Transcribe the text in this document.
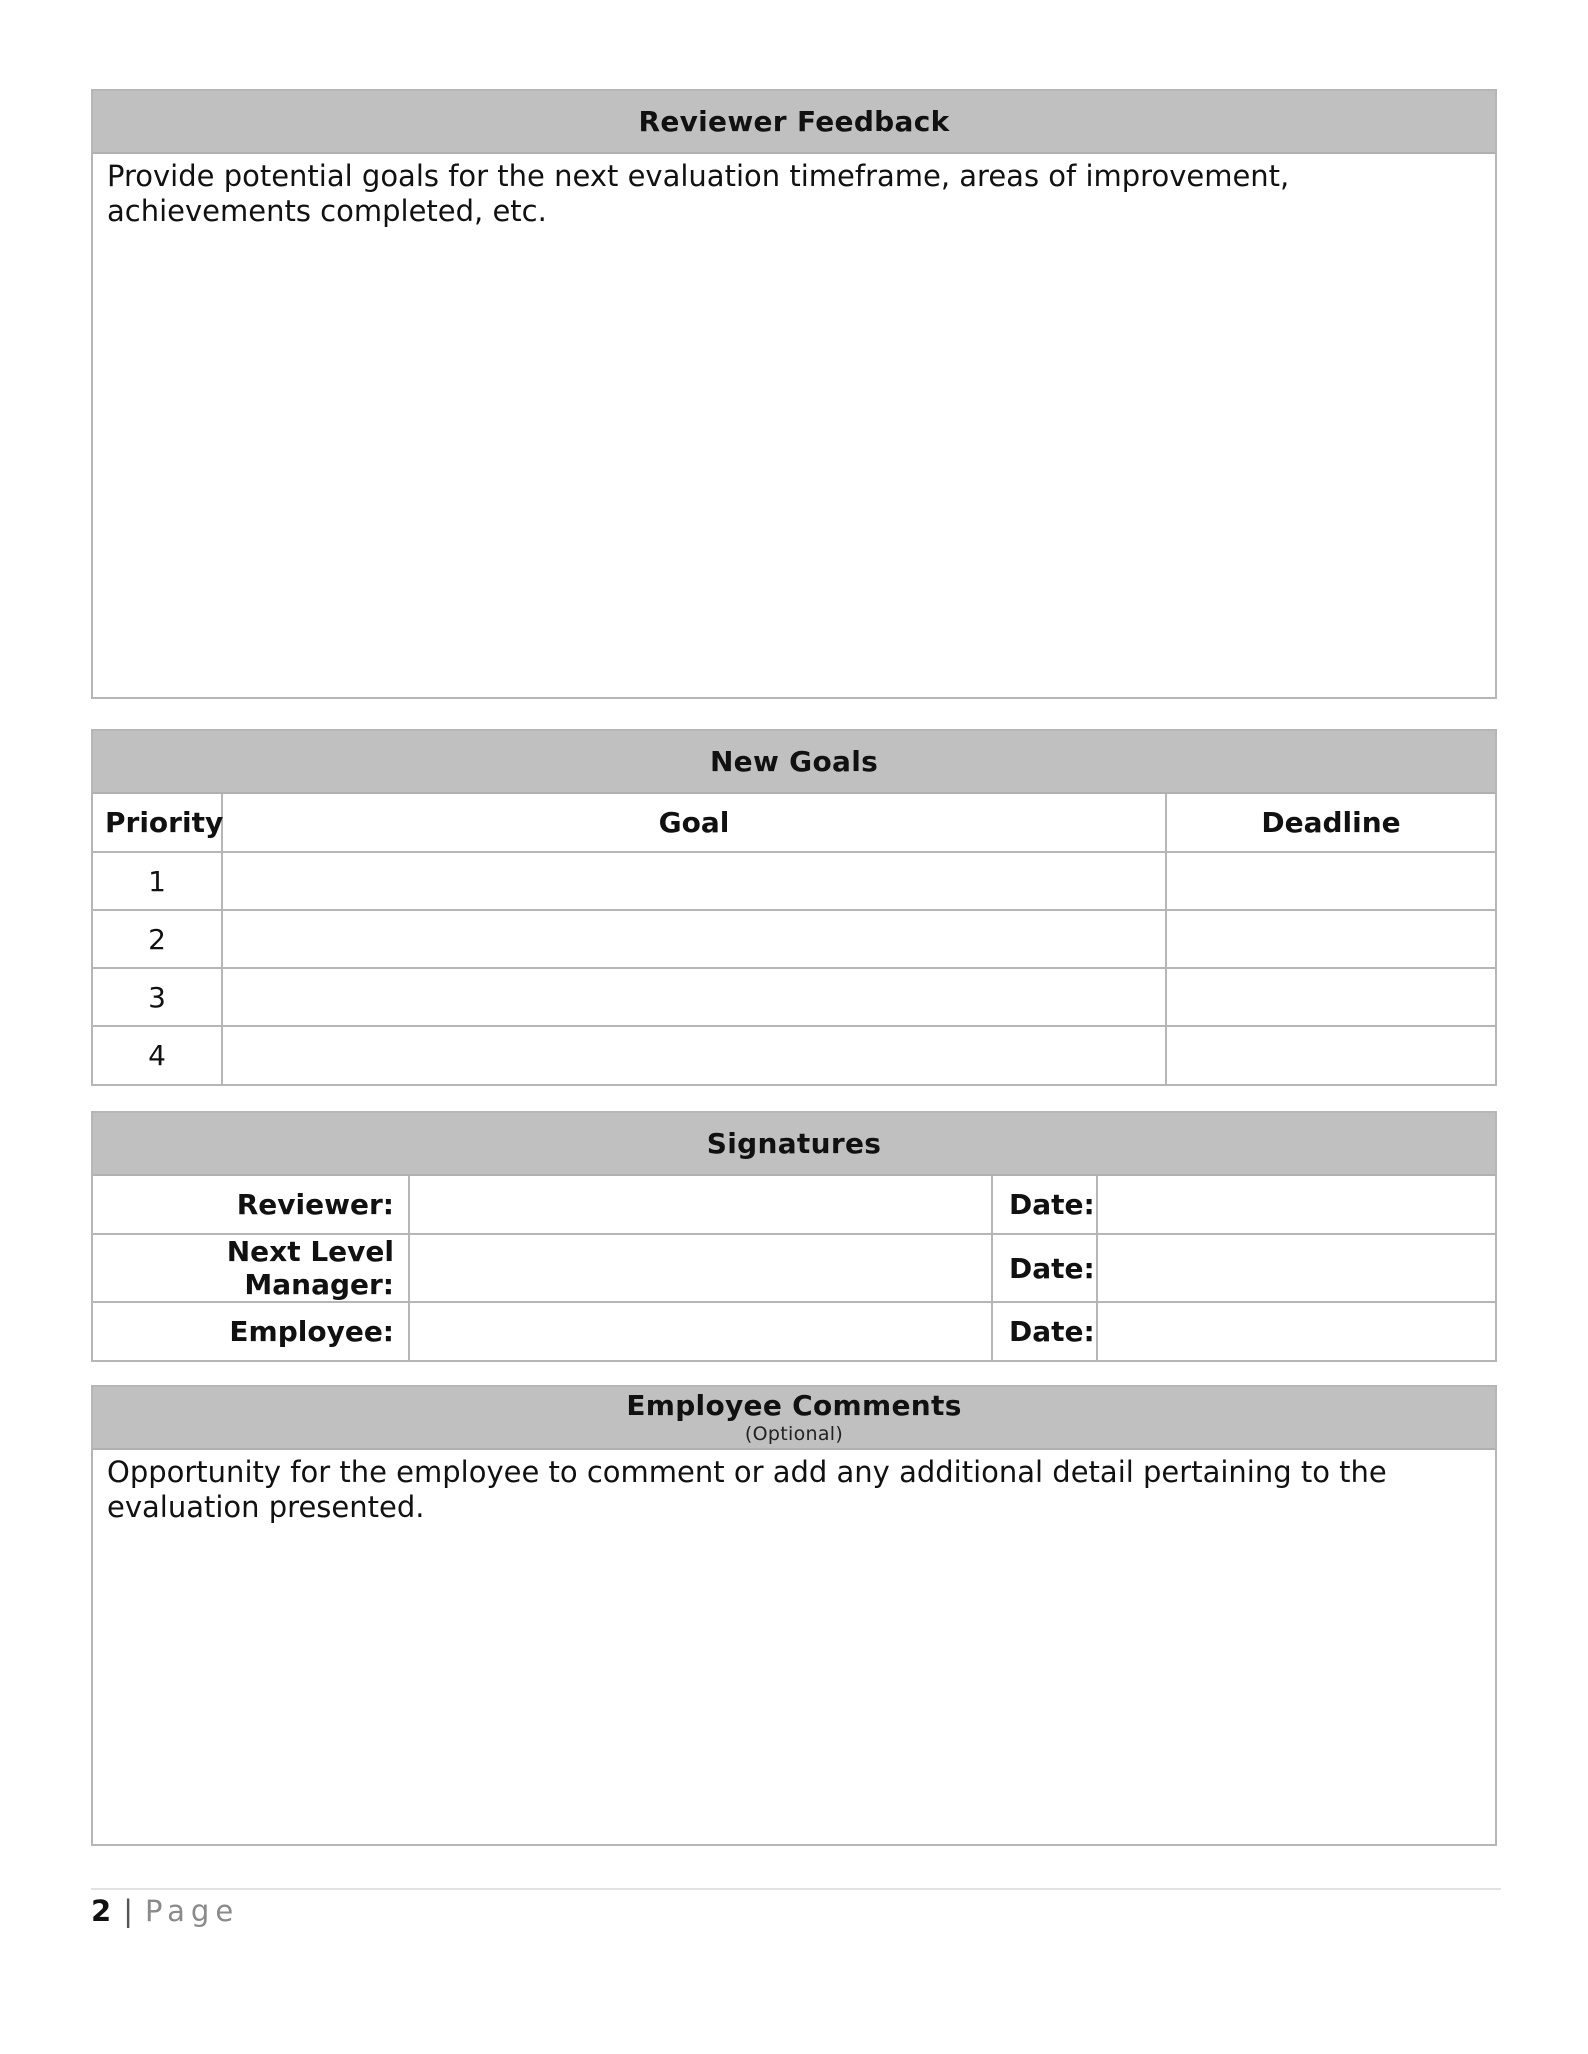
Reviewer Feedback
Provide potential goals for the next evaluation timeframe, areas of improvement, achievements completed, etc.
New Goals
Priority	Goal	Deadline
1		
2		
3		
4		
Signatures
Reviewer:		Date:	
Next Level Manager:		Date:	
Employee:		Date:	
Employee Comments
(Optional)
Opportunity for the employee to comment or add any additional detail pertaining to the evaluation presented.
2 | Page
